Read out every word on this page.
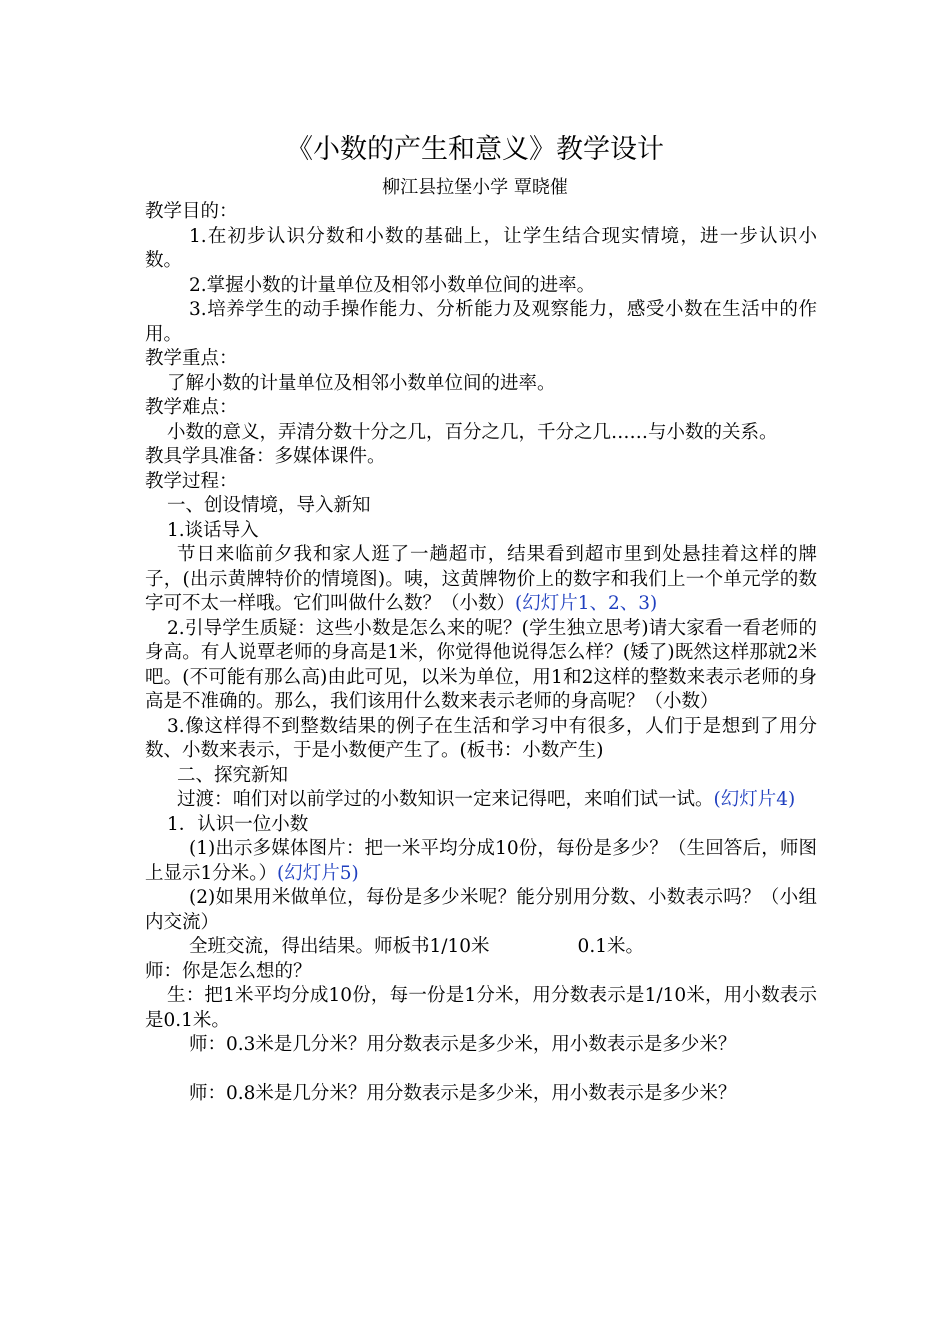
《小数的产生和意义》教学设计
柳江县拉堡小学 覃晓催

教学目的：

1.在初步认识分数和小数的基础上，让学生结合现实情境，进一步认识小数。

2.掌握小数的计量单位及相邻小数单位间的进率。

3.培养学生的动手操作能力、分析能力及观察能力，感受小数在生活中的作用。

教学重点：

了解小数的计量单位及相邻小数单位间的进率。

教学难点：

小数的意义，弄清分数十分之几，百分之几，千分之几……与小数的关系。

教具学具准备：多媒体课件。

教学过程：

一、创设情境，导入新知

1.谈话导入

节日来临前夕我和家人逛了一趟超市，结果看到超市里到处悬挂着这样的牌子，(出示黄牌特价的情境图)。咦，这黄牌物价上的数字和我们上一个单元学的数字可不太一样哦。它们叫做什么数？（小数）(幻灯片1、2、3)

2.引导学生质疑：这些小数是怎么来的呢？(学生独立思考)请大家看一看老师的身高。有人说覃老师的身高是1米，你觉得他说得怎么样？(矮了)既然这样那就2米吧。(不可能有那么高)由此可见，以米为单位，用1和2这样的整数来表示老师的身高是不准确的。那么，我们该用什么数来表示老师的身高呢？（小数）

3.像这样得不到整数结果的例子在生活和学习中有很多，人们于是想到了用分数、小数来表示，于是小数便产生了。(板书：小数产生)

二、探究新知

过渡：咱们对以前学过的小数知识一定来记得吧，来咱们试一试。(幻灯片4)

1．认识一位小数

(1)出示多媒体图片：把一米平均分成10份，每份是多少？（生回答后，师图上显示1分米。）(幻灯片5)

(2)如果用米做单位，每份是多少米呢？能分别用分数、小数表示吗？（小组内交流）

全班交流，得出结果。师板书1/10米	0.1米。

师：你是怎么想的？

生：把1米平均分成10份，每一份是1分米，用分数表示是1/10米，用小数表示是0.1米。

师：0.3米是几分米？用分数表示是多少米，用小数表示是多少米？

师：0.8米是几分米？用分数表示是多少米，用小数表示是多少米？
